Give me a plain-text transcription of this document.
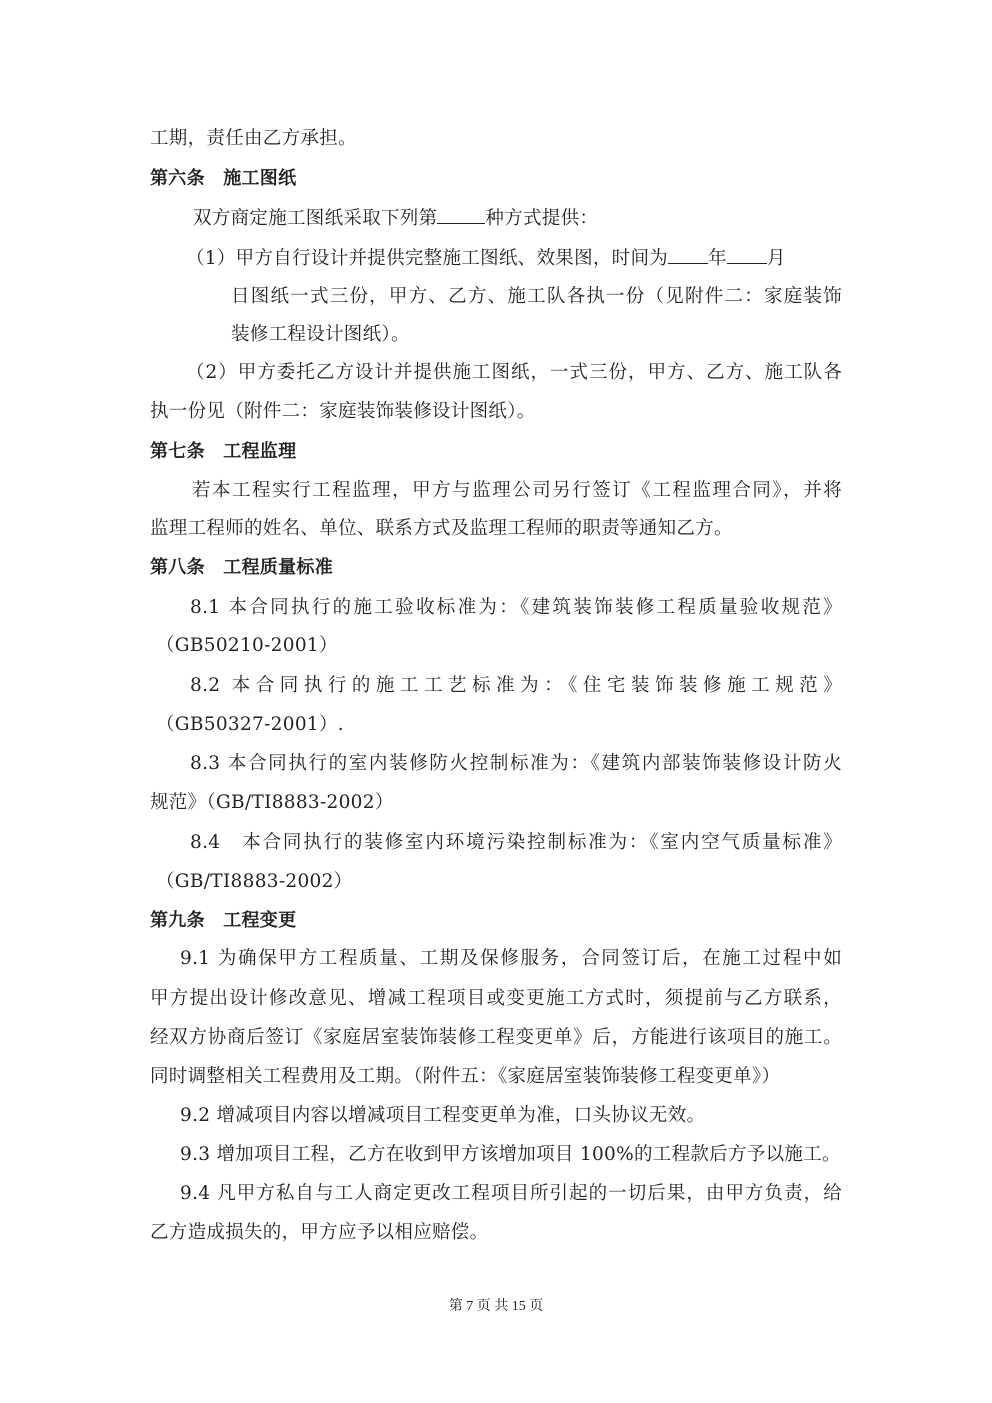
工期，责任由乙方承担。
第六条　施工图纸
双方商定施工图纸采取下列第	种方式提供：
（1）甲方自行设计并提供完整施工图纸、效果图，时间为 年 月
日图纸一式三份，甲方、乙方、施工队各执一份（见附件二：家庭装饰
装修工程设计图纸）。
（2）甲方委托乙方设计并提供施工图纸，一式三份，甲方、乙方、施工队各
执一份见（附件二：家庭装饰装修设计图纸）。
第七条　工程监理
若本工程实行工程监理，甲方与监理公司另行签订《工程监理合同》，并将
监理工程师的姓名、单位、联系方式及监理工程师的职责等通知乙方。
第八条　工程质量标准
8.1 本合同执行的施工验收标准为：《建筑装饰装修工程质量验收规范》
（GB50210-2001）
8.2 本合同执行的施工工艺标准为：《住宅装饰装修施工规范》
（GB50327-2001）.
8.3 本合同执行的室内装修防火控制标准为：《建筑内部装饰装修设计防火
规范》（GB/TI8883-2002）
8.4　本合同执行的装修室内环境污染控制标准为：《室内空气质量标准》
（GB/TI8883-2002）
第九条　工程变更
9.1 为确保甲方工程质量、工期及保修服务，合同签订后，在施工过程中如
甲方提出设计修改意见、增减工程项目或变更施工方式时，须提前与乙方联系，
经双方协商后签订《家庭居室装饰装修工程变更单》后，方能进行该项目的施工。
同时调整相关工程费用及工期。（附件五：《家庭居室装饰装修工程变更单》）
9.2 增减项目内容以增减项目工程变更单为准，口头协议无效。
9.3 增加项目工程，乙方在收到甲方该增加项目 100%的工程款后方予以施工。
9.4 凡甲方私自与工人商定更改工程项目所引起的一切后果，由甲方负责，给
乙方造成损失的，甲方应予以相应赔偿。
第 7 页 共 15 页
